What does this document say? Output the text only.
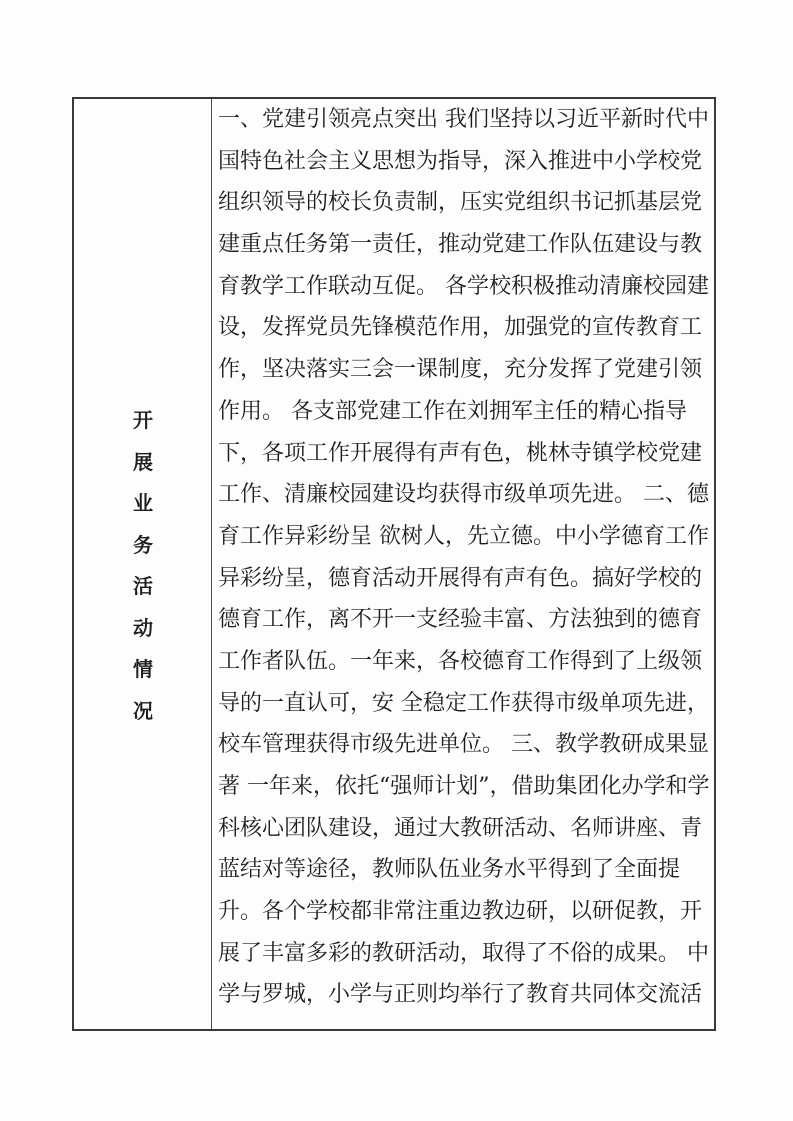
开展业务活动情况
一、党建引领亮点突出 我们坚持以习近平新时代中
国特色社会主义思想为指导，深入推进中小学校党
组织领导的校长负责制，压实党组织书记抓基层党
建重点任务第一责任，推动党建工作队伍建设与教
育教学工作联动互促。 各学校积极推动清廉校园建
设，发挥党员先锋模范作用，加强党的宣传教育工
作，坚决落实三会一课制度，充分发挥了党建引领
作用。 各支部党建工作在刘拥军主任的精心指导
下，各项工作开展得有声有色，桃林寺镇学校党建
工作、清廉校园建设均获得市级单项先进。 二、德
育工作异彩纷呈 欲树人，先立德。中小学德育工作
异彩纷呈，德育活动开展得有声有色。搞好学校的
德育工作，离不开一支经验丰富、方法独到的德育
工作者队伍。一年来，各校德育工作得到了上级领
导的一直认可，安 全稳定工作获得市级单项先进，
校车管理获得市级先进单位。 三、教学教研成果显
著 一年来，依托“强师计划”，借助集团化办学和学
科核心团队建设，通过大教研活动、名师讲座、青
蓝结对等途径，教师队伍业务水平得到了全面提
升。各个学校都非常注重边教边研，以研促教，开
展了丰富多彩的教研活动，取得了不俗的成果。 中
学与罗城，小学与正则均举行了教育共同体交流活
